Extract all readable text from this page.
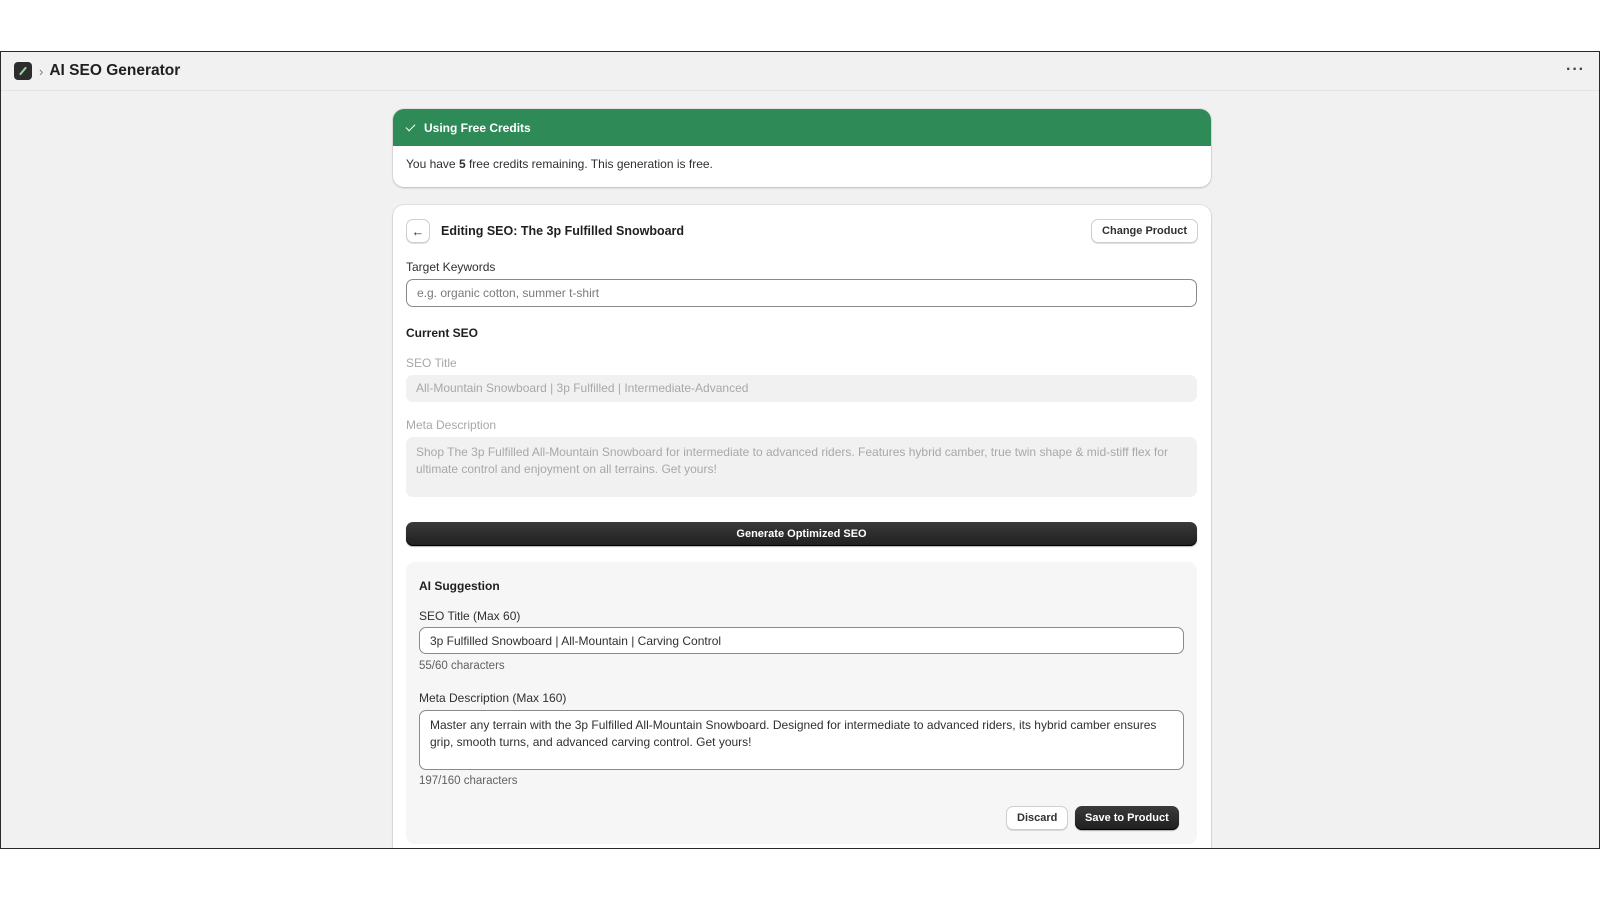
› AI SEO Generator	···
Using Free Credits
You have 5 free credits remaining. This generation is free.
← Editing SEO: The 3p Fulfilled Snowboard	Change Product
Target Keywords
e.g. organic cotton, summer t-shirt
Current SEO
SEO Title
All-Mountain Snowboard | 3p Fulfilled | Intermediate-Advanced
Meta Description
Shop The 3p Fulfilled All-Mountain Snowboard for intermediate to advanced riders. Features hybrid camber, true twin shape & mid-stiff flex for ultimate control and enjoyment on all terrains. Get yours!
Generate Optimized SEO
AI Suggestion
SEO Title (Max 60)
3p Fulfilled Snowboard | All-Mountain | Carving Control
55/60 characters
Meta Description (Max 160)
Master any terrain with the 3p Fulfilled All-Mountain Snowboard. Designed for intermediate to advanced riders, its hybrid camber ensures grip, smooth turns, and advanced carving control. Get yours!
197/160 characters
Discard	Save to Product
